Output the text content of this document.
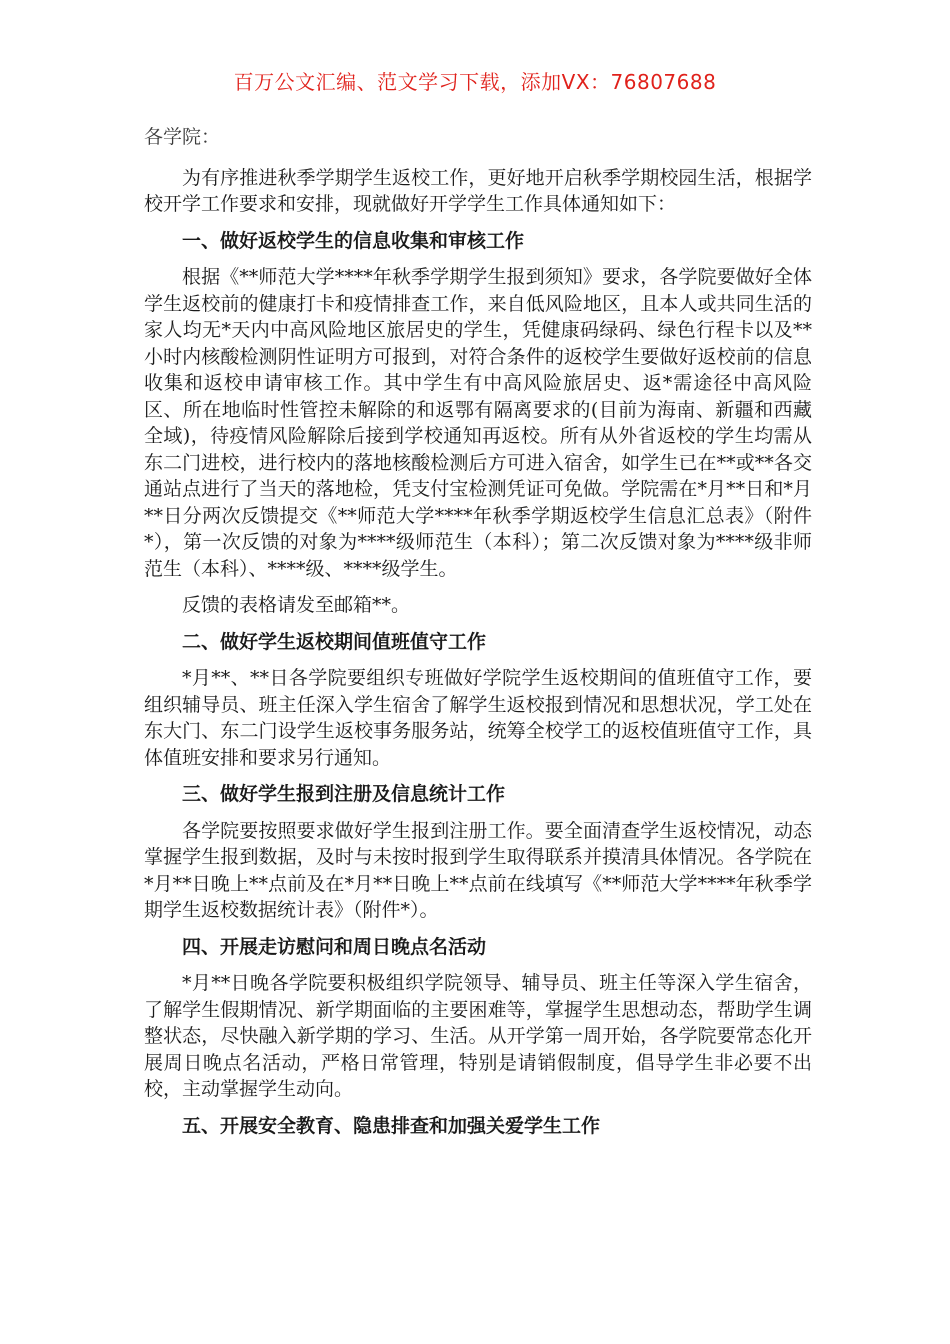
百万公文汇编、范文学习下载，添加VX：76807688

各学院：

为有序推进秋季学期学生返校工作，更好地开启秋季学期校园生活，根据学校开学工作要求和安排，现就做好开学学生工作具体通知如下：

一、做好返校学生的信息收集和审核工作

根据《**师范大学****年秋季学期学生报到须知》要求，各学院要做好全体学生返校前的健康打卡和疫情排查工作，来自低风险地区，且本人或共同生活的家人均无*天内中高风险地区旅居史的学生，凭健康码绿码、绿色行程卡以及**小时内核酸检测阴性证明方可报到，对符合条件的返校学生要做好返校前的信息收集和返校申请审核工作。其中学生有中高风险旅居史、返*需途径中高风险区、所在地临时性管控未解除的和返鄂有隔离要求的(目前为海南、新疆和西藏全域)，待疫情风险解除后接到学校通知再返校。所有从外省返校的学生均需从东二门进校，进行校内的落地核酸检测后方可进入宿舍，如学生已在**或**各交通站点进行了当天的落地检，凭支付宝检测凭证可免做。学院需在*月**日和*月**日分两次反馈提交《**师范大学****年秋季学期返校学生信息汇总表》（附件*），第一次反馈的对象为****级师范生（本科）；第二次反馈对象为****级非师范生（本科）、****级、****级学生。

反馈的表格请发至邮箱**。

二、做好学生返校期间值班值守工作

*月**、**日各学院要组织专班做好学院学生返校期间的值班值守工作，要组织辅导员、班主任深入学生宿舍了解学生返校报到情况和思想状况，学工处在东大门、东二门设学生返校事务服务站，统筹全校学工的返校值班值守工作，具体值班安排和要求另行通知。

三、做好学生报到注册及信息统计工作

各学院要按照要求做好学生报到注册工作。要全面清查学生返校情况，动态掌握学生报到数据，及时与未按时报到学生取得联系并摸清具体情况。各学院在*月**日晚上**点前及在*月**日晚上**点前在线填写《**师范大学****年秋季学期学生返校数据统计表》（附件*）。

四、开展走访慰问和周日晚点名活动

*月**日晚各学院要积极组织学院领导、辅导员、班主任等深入学生宿舍，了解学生假期情况、新学期面临的主要困难等，掌握学生思想动态，帮助学生调整状态，尽快融入新学期的学习、生活。从开学第一周开始，各学院要常态化开展周日晚点名活动，严格日常管理，特别是请销假制度，倡导学生非必要不出校，主动掌握学生动向。

五、开展安全教育、隐患排查和加强关爱学生工作
